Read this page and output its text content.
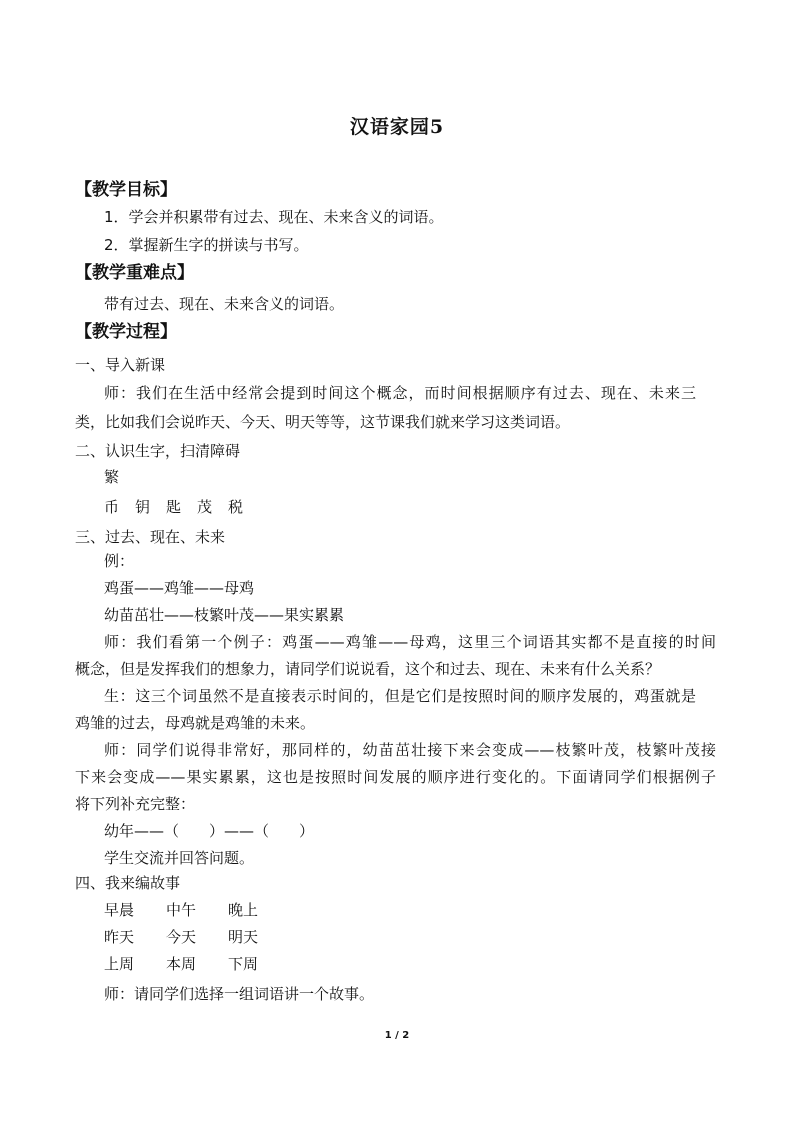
汉语家园5
【教学目标】
1．学会并积累带有过去、现在、未来含义的词语。
2．掌握新生字的拼读与书写。
【教学重难点】
带有过去、现在、未来含义的词语。
【教学过程】
一、导入新课
师：我们在生活中经常会提到时间这个概念，而时间根据顺序有过去、现在、未来三
类，比如我们会说昨天、今天、明天等等，这节课我们就来学习这类词语。
二、认识生字，扫清障碍
繁
币 钥 匙 茂 税
三、过去、现在、未来
例：
鸡蛋——鸡雏——母鸡
幼苗茁壮——枝繁叶茂——果实累累
师：我们看第一个例子：鸡蛋——鸡雏——母鸡，这里三个词语其实都不是直接的时间
概念，但是发挥我们的想象力，请同学们说说看，这个和过去、现在、未来有什么关系？
生：这三个词虽然不是直接表示时间的，但是它们是按照时间的顺序发展的，鸡蛋就是
鸡雏的过去，母鸡就是鸡雏的未来。
师：同学们说得非常好，那同样的，幼苗茁壮接下来会变成——枝繁叶茂，枝繁叶茂接
下来会变成——果实累累，这也是按照时间发展的顺序进行变化的。下面请同学们根据例子
将下列补充完整：
幼年——（　　）——（　　）
学生交流并回答问题。
四、我来编故事
早晨 中午 晚上
昨天 今天 明天
上周 本周 下周
师：请同学们选择一组词语讲一个故事。
1 / 2
